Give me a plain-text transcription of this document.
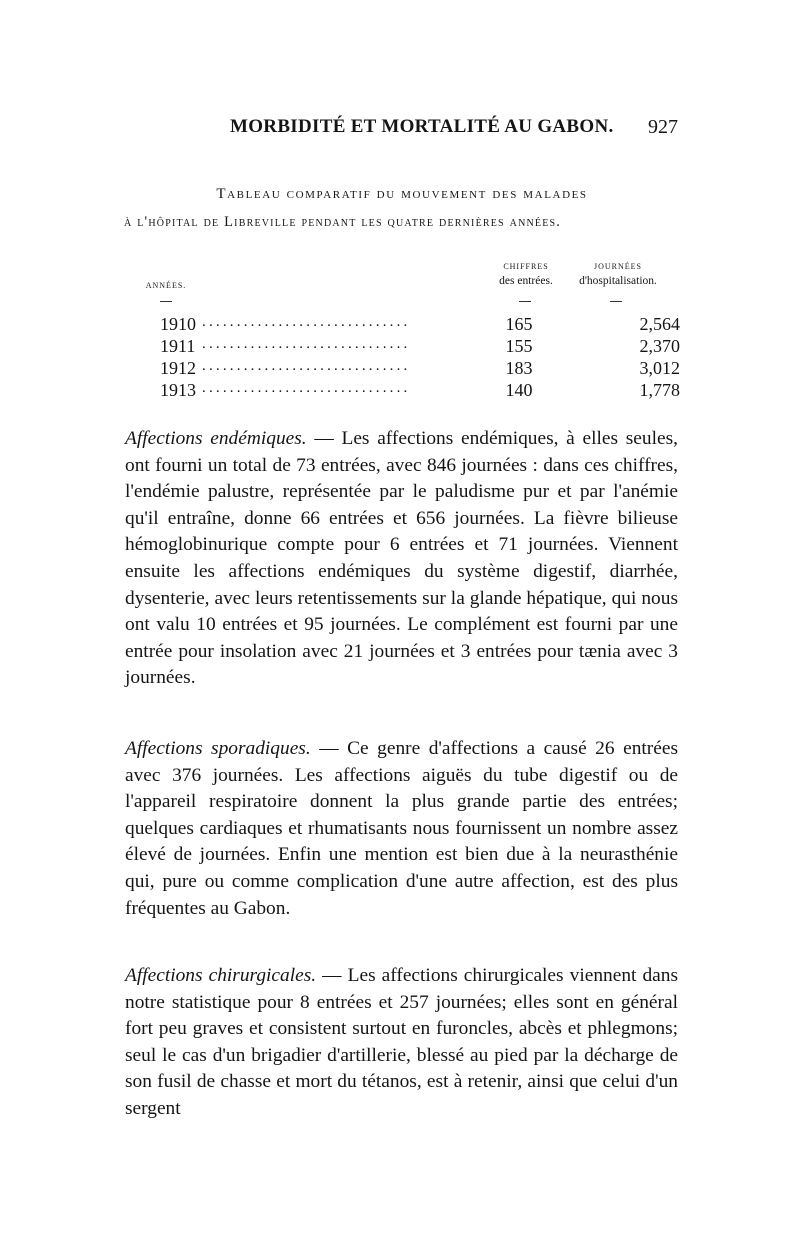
MORBIDITÉ ET MORTALITÉ AU GABON. 927
Tableau comparatif du mouvement des malades
à l'hôpital de Libreville pendant les quatre dernières années.
ANNÉES.
CHIFFRES
des entrées.
JOURNÉES
d'hospitalisation.
1910 ..............................	165	2,564
1911 ..............................	155	2,370
1912 ..............................	183	3,012
1913 ..............................	140	1,778

Affections endémiques. — Les affections endémiques, à elles seules, ont fourni un total de 73 entrées, avec 846 journées : dans ces chiffres, l'endémie palustre, représentée par le paludisme pur et par l'anémie qu'il entraîne, donne 66 entrées et 656 journées. La fièvre bilieuse hémoglobinurique compte pour 6 entrées et 71 journées. Viennent ensuite les affections endémiques du système digestif, diarrhée, dysenterie, avec leurs retentissements sur la glande hépatique, qui nous ont valu 10 entrées et 95 journées. Le complément est fourni par une entrée pour insolation avec 21 journées et 3 entrées pour tænia avec 3 journées.

Affections sporadiques. — Ce genre d'affections a causé 26 entrées avec 376 journées. Les affections aiguës du tube digestif ou de l'appareil respiratoire donnent la plus grande partie des entrées; quelques cardiaques et rhumatisants nous fournissent un nombre assez élevé de journées. Enfin une mention est bien due à la neurasthénie qui, pure ou comme complication d'une autre affection, est des plus fréquentes au Gabon.

Affections chirurgicales. — Les affections chirurgicales viennent dans notre statistique pour 8 entrées et 257 journées; elles sont en général fort peu graves et consistent surtout en furoncles, abcès et phlegmons; seul le cas d'un brigadier d'artillerie, blessé au pied par la décharge de son fusil de chasse et mort du tétanos, est à retenir, ainsi que celui d'un sergent
